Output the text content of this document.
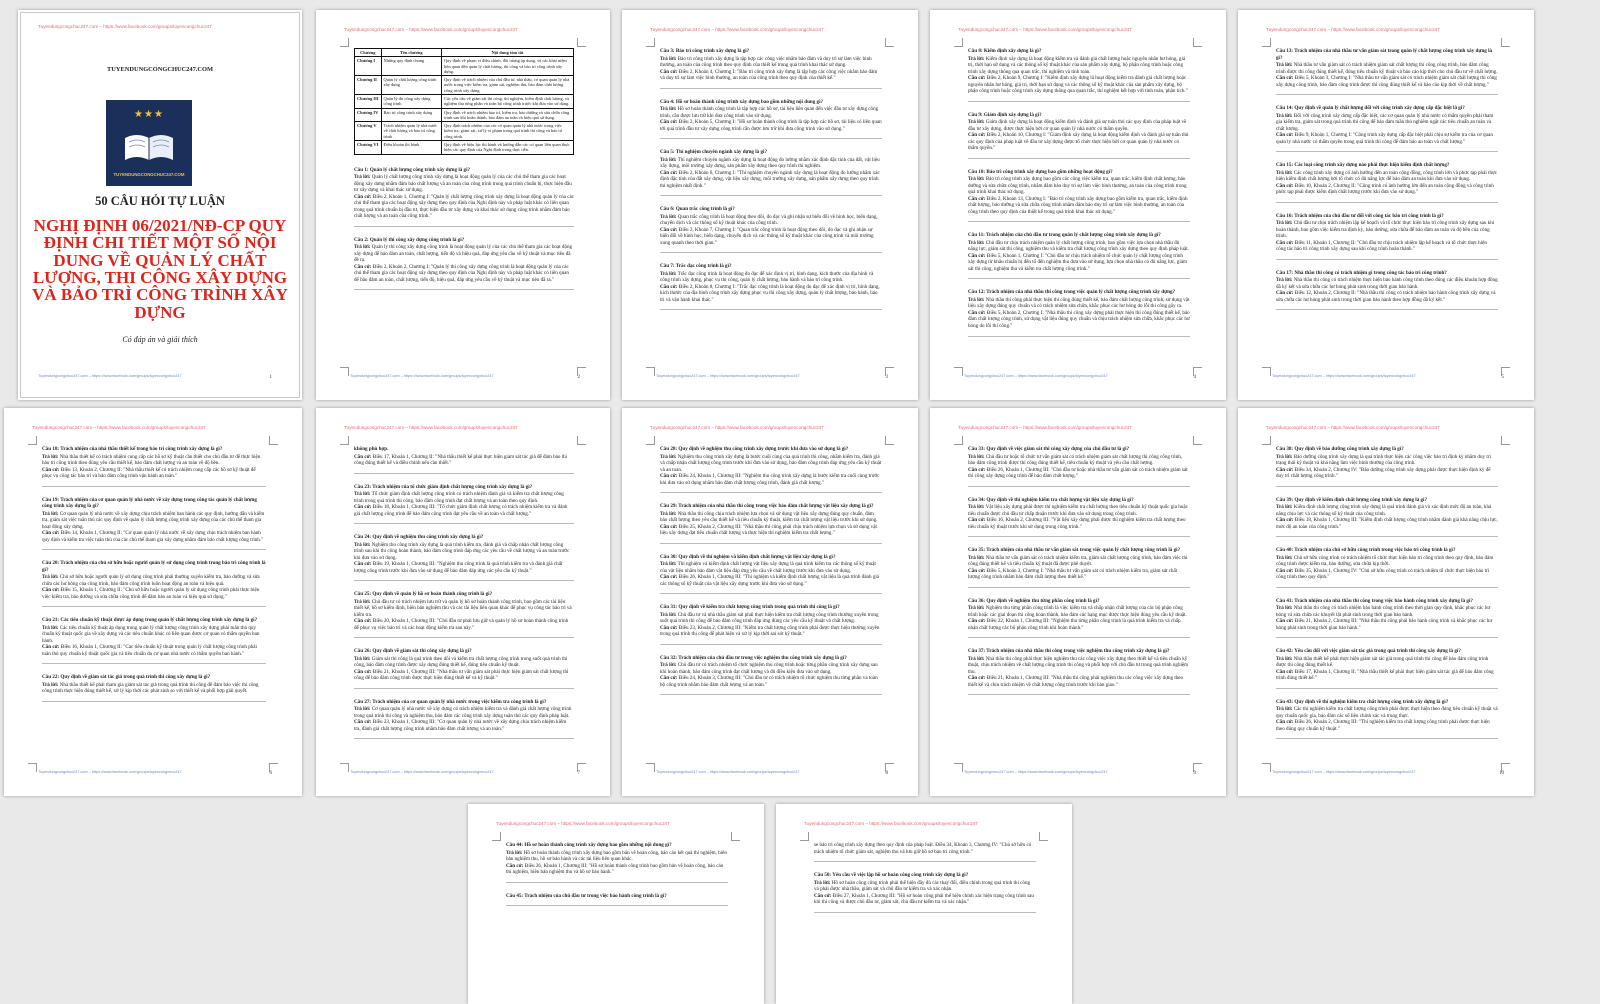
Tuyendungcongchuc247.com – https://www.facebook.com/groups/tuyencongchuc247
TUYENDUNGCONGCHUC247.COM
★★★
TUYENDUNGCONGCHUC247.COM
50 CÂU HỎI TỰ LUẬN
NGHỊ ĐỊNH 06/2021/NĐ-CP QUY ĐỊNH CHI TIẾT MỘT SỐ NỘI DUNG VỀ QUẢN LÝ CHẤT LƯỢNG, THI CÔNG XÂY DỰNG VÀ BẢO TRÌ CÔNG TRÌNH XÂY DỰNG
Có đáp án và giải thích
Tuyendungcongchuc247.com – https://www.facebook.com/groups/tuyencongchuc247	1
Tuyendungcongchuc247.com – https://www.facebook.com/groups/tuyencongchuc247
Chương	Tên chương	Nội dung tóm tắt
Chương I	Những quy định chung	Quy định về phạm vi điều chỉnh, đối tượng áp dụng, và các khái niệm liên quan đến quản lý chất lượng, thi công và bảo trì công trình xây dựng.
Chương II	Quản lý chất lượng công trình xây dựng	Quy định về trách nhiệm của chủ đầu tư, nhà thầu, cơ quan quản lý nhà nước trong việc kiểm tra, giám sát, nghiệm thu, bảo đảm chất lượng công trình xây dựng.
Chương III	Quản lý thi công xây dựng công trình	Các yêu cầu về giám sát thi công, thí nghiệm, kiểm định chất lượng, và nghiệm thu từng phần và toàn bộ công trình trước khi đưa vào sử dụng.
Chương IV	Bảo trì công trình xây dựng	Quy định về trách nhiệm bảo trì, kiểm tra, bảo dưỡng và sửa chữa công trình sau khi hoàn thành, bảo đảm an toàn và hiệu quả sử dụng.
Chương V	Trách nhiệm quản lý nhà nước về chất lượng và bảo trì công trình	Quy định trách nhiệm của các cơ quan quản lý nhà nước trong việc kiểm tra, giám sát, xử lý vi phạm trong quá trình thi công và bảo trì công trình.
Chương VI	Điều khoản thi hành	Quy định về hiệu lực thi hành và hướng dẫn các cơ quan liên quan thực hiện các quy định của Nghị định trong thực tiễn.
Câu 1: Quản lý chất lượng công trình xây dựng là gì?
Trả lời: Quản lý chất lượng công trình xây dựng là hoạt động quản lý của các chủ thể tham gia các hoạt động xây dựng nhằm đảm bảo chất lượng và an toàn của công trình trong quá trình chuẩn bị, thực hiện đầu tư xây dựng và khai thác sử dụng.
Căn cứ: Điều 2, Khoản 1, Chương I: "Quản lý chất lượng công trình xây dựng là hoạt động quản lý của các chủ thể tham gia các hoạt động xây dựng theo quy định của Nghị định này và pháp luật khác có liên quan trong quá trình chuẩn bị đầu tư, thực hiện đầu tư xây dựng và khai thác sử dụng công trình nhằm đảm bảo chất lượng và an toàn của công trình."
Câu 2: Quản lý thi công xây dựng công trình là gì?
Trả lời: Quản lý thi công xây dựng công trình là hoạt động quản lý của các chủ thể tham gia các hoạt động xây dựng để bảo đảm an toàn, chất lượng, tiến độ và hiệu quả, đáp ứng yêu cầu về kỹ thuật và mục tiêu đã đề ra.
Căn cứ: Điều 2, Khoản 2, Chương I: "Quản lý thi công xây dựng công trình là hoạt động quản lý của các chủ thể tham gia các hoạt động xây dựng theo quy định của Nghị định này và pháp luật khác có liên quan để bảo đảm an toàn, chất lượng, tiến độ, hiệu quả, đáp ứng yêu cầu về kỹ thuật và mục tiêu đã ra."
Tuyendungcongchuc247.com – https://www.facebook.com/groups/tuyencongchuc247	2
Tuyendungcongchuc247.com – https://www.facebook.com/groups/tuyencongchuc247
Câu 3: Bảo trì công trình xây dựng là gì?
Trả lời: Bảo trì công trình xây dựng là tập hợp các công việc nhằm bảo đảm và duy trì sự làm việc bình thường, an toàn của công trình theo quy định của thiết kế trong quá trình khai thác sử dụng.
Căn cứ: Điều 2, Khoản 4, Chương I: "Bảo trì công trình xây dựng là tập hợp các công việc nhằm bảo đảm và duy trì sự làm việc bình thường, an toàn của công trình theo quy định của thiết kế."
Câu 4: Hồ sơ hoàn thành công trình xây dựng bao gồm những nội dung gì?
Trả lời: Hồ sơ hoàn thành công trình là tập hợp các hồ sơ, tài liệu liên quan đến việc đầu tư xây dựng công trình, cần được lưu trữ khi đưa công trình vào sử dụng.
Căn cứ: Điều 2, Khoản 5, Chương I: "Hồ sơ hoàn thành công trình là tập hợp các hồ sơ, tài liệu có liên quan tới quá trình đầu tư xây dựng công trình cần được lưu trữ khi đưa công trình vào sử dụng."
Câu 5: Thí nghiệm chuyên ngành xây dựng là gì?
Trả lời: Thí nghiệm chuyên ngành xây dựng là hoạt động đo lường nhằm xác định đặc tính của đất, vật liệu xây dựng, môi trường xây dựng, sản phẩm xây dựng theo quy trình thí nghiệm.
Căn cứ: Điều 2, Khoản 6, Chương I: "Thí nghiệm chuyên ngành xây dựng là hoạt động đo lường nhằm xác định đặc tính của đất xây dựng, vật liệu xây dựng, môi trường xây dựng, sản phẩm xây dựng theo quy trình thí nghiệm nhất định."
Câu 6: Quan trắc công trình là gì?
Trả lời: Quan trắc công trình là hoạt động theo dõi, đo đạc và ghi nhận sự biến đổi về hình học, biến dạng, chuyển dịch và các thông số kỹ thuật khác của công trình.
Căn cứ: Điều 2, Khoản 7, Chương I: "Quan trắc công trình là hoạt động theo dõi, đo đạc và ghi nhận sự biến đổi về hình học, biến dạng, chuyển dịch và các thông số kỹ thuật khác của công trình và môi trường xung quanh theo thời gian."
Câu 7: Trắc đạc công trình là gì?
Trả lời: Trắc đạc công trình là hoạt động đo đạc để xác định vị trí, hình dạng, kích thước của địa hình và công trình xây dựng, phục vụ thi công, quản lý chất lượng, bảo hành và bảo trì công trình.
Căn cứ: Điều 2, Khoản 8, Chương I: "Trắc đạc công trình là hoạt động đo đạc để xác định vị trí, hình dạng, kích thước của địa hình công trình xây dựng phục vụ thi công xây dựng, quản lý chất lượng, bảo hành, bảo trì và vận hành khai thác."
Tuyendungcongchuc247.com – https://www.facebook.com/groups/tuyencongchuc247	3
Tuyendungcongchuc247.com – https://www.facebook.com/groups/tuyencongchuc247
Câu 8: Kiểm định xây dựng là gì?
Trả lời: Kiểm định xây dựng là hoạt động kiểm tra và đánh giá chất lượng hoặc nguyên nhân hư hỏng, giá trị, thời hạn sử dụng và các thông số kỹ thuật khác của sản phẩm xây dựng, bộ phận công trình hoặc công trình xây dựng thông qua quan trắc, thí nghiệm và tính toán.
Căn cứ: Điều 2, Khoản 9, Chương I: "Kiểm định xây dựng là hoạt động kiểm tra đánh giá chất lượng hoặc nguyên nhân hư hỏng, giá trị, thời hạn sử dụng và các thông số kỹ thuật khác của sản phẩm xây dựng, bộ phận công trình hoặc công trình xây dựng thông qua quan trắc, thí nghiệm kết hợp với tính toán, phân tích."
Câu 9: Giám định xây dựng là gì?
Trả lời: Giám định xây dựng là hoạt động kiểm định và đánh giá sự tuân thủ các quy định của pháp luật về đầu tư xây dựng, được thực hiện bởi cơ quan quản lý nhà nước có thẩm quyền.
Căn cứ: Điều 2, Khoản 10, Chương I: "Giám định xây dựng là hoạt động kiểm định và đánh giá sự tuân thủ các quy định của pháp luật về đầu tư xây dựng được tổ chức thực hiện bởi cơ quan quản lý nhà nước có thẩm quyền."
Câu 10: Bảo trì công trình xây dựng bao gồm những hoạt động gì?
Trả lời: Bảo trì công trình xây dựng bao gồm các công việc kiểm tra, quan trắc, kiểm định chất lượng, bảo dưỡng và sửa chữa công trình, nhằm đảm bảo duy trì sự làm việc bình thường, an toàn của công trình trong quá trình khai thác sử dụng.
Căn cứ: Điều 2, Khoản 13, Chương I: "Bảo trì công trình xây dựng bao gồm kiểm tra, quan trắc, kiểm định chất lượng, bảo dưỡng và sửa chữa công trình nhằm đảm bảo duy trì sự làm việc bình thường, an toàn của công trình theo quy định của thiết kế trong quá trình khai thác sử dụng."
Câu 11: Trách nhiệm của chủ đầu tư trong quản lý chất lượng công trình xây dựng là gì?
Trả lời: Chủ đầu tư chịu trách nhiệm quản lý chất lượng công trình, bao gồm việc lựa chọn nhà thầu đủ năng lực, giám sát thi công, nghiệm thu và kiểm tra chất lượng công trình xây dựng theo quy định pháp luật.
Căn cứ: Điều 5, Khoản 1, Chương I: "Chủ đầu tư chịu trách nhiệm tổ chức quản lý chất lượng công trình xây dựng từ khâu chuẩn bị đến tổ đến nghiệm thu đưa vào sử dụng, lựa chọn nhà thầu có đủ năng lực, giám sát thi công, nghiệm thu và kiểm tra chất lượng công trình."
Câu 12: Trách nhiệm của nhà thầu thi công trong việc quản lý chất lượng công trình xây dựng?
Trả lời: Nhà thầu thi công phải thực hiện thi công đúng thiết kế, bảo đảm chất lượng công trình, sử dụng vật liệu xây dựng đúng quy chuẩn và có trách nhiệm sửa chữa, khắc phục các hư hỏng do lỗi thi công gây ra.
Căn cứ: Điều 5, Khoản 2, Chương I: "Nhà thầu thi công xây dựng phải thực hiện thi công đúng thiết kế, bảo đảm chất lượng công trình, sử dụng vật liệu đúng quy chuẩn và chịu trách nhiệm sửa chữa, khắc phục các hư hỏng do lỗi thi công."
Tuyendungcongchuc247.com – https://www.facebook.com/groups/tuyencongchuc247	4
Tuyendungcongchuc247.com – https://www.facebook.com/groups/tuyencongchuc247
Câu 13: Trách nhiệm của nhà thầu tư vấn giám sát trong quản lý chất lượng công trình xây dựng là gì?
Trả lời: Nhà thầu tư vấn giám sát có trách nhiệm giám sát chất lượng thi công công trình, bảo đảm công trình được thi công đúng thiết kế, đúng tiêu chuẩn kỹ thuật và báo cáo kịp thời cho chủ đầu tư về chất lượng.
Căn cứ: Điều 5, Khoản 3, Chương I: "Nhà thầu tư vấn giám sát có trách nhiệm giám sát chất lượng thi công xây dựng công trình, bảo đảm công trình được thi công đúng thiết kế và báo cáo kịp thời về chất lượng."
Câu 14: Quy định về quản lý chất lượng đối với công trình xây dựng cấp đặc biệt là gì?
Trả lời: Đối với công trình xây dựng cấp đặc biệt, các cơ quan quản lý nhà nước có thẩm quyền phải tham gia kiểm tra, giám sát trong quá trình thi công để bảo đảm tuân thủ nghiêm ngặt các tiêu chuẩn an toàn và chất lượng.
Căn cứ: Điều 9, Khoản 1, Chương I: "Công trình xây dựng cấp đặc biệt phải chịu sự kiểm tra của cơ quan quản lý nhà nước có thẩm quyền trong quá trình thi công để đảm bảo an toàn và chất lượng."
Câu 15: Các loại công trình xây dựng nào phải thực hiện kiểm định chất lượng?
Trả lời: Các công trình xây dựng có ảnh hưởng đến an toàn cộng đồng, công trình lớn và phức tạp phải thực hiện kiểm định chất lượng bởi tổ chức có đủ năng lực để bảo đảm an toàn khi đưa vào sử dụng.
Căn cứ: Điều 10, Khoản 2, Chương II: "Công trình có ảnh hưởng lớn đến an toàn cộng đồng và công trình phức tạp phải được kiểm định chất lượng trước khi đưa vào sử dụng."
Câu 16: Trách nhiệm của chủ đầu tư đối với công tác bảo trì công trình là gì?
Trả lời: Chủ đầu tư chịu trách nhiệm lập kế hoạch và tổ chức thực hiện bảo trì công trình xây dựng sau khi hoàn thành, bao gồm việc kiểm tra định kỳ, bảo dưỡng, sửa chữa để bảo đảm an toàn và độ bền của công trình.
Căn cứ: Điều 11, Khoản 1, Chương II: "Chủ đầu tư chịu trách nhiệm lập kế hoạch và tổ chức thực hiện công tác bảo trì công trình xây dựng sau khi công trình hoàn thành."
Câu 17: Nhà thầu thi công có trách nhiệm gì trong công tác bảo trì công trình?
Trả lời: Nhà thầu thi công có trách nhiệm thực hiện bảo hành công trình theo đúng các điều khoản hợp đồng đã ký kết và sửa chữa các hư hỏng phát sinh trong thời gian bảo hành.
Căn cứ: Điều 12, Khoản 2, Chương II: "Nhà thầu thi công có trách nhiệm bảo hành công trình xây dựng và sửa chữa các hư hỏng phát sinh trong thời gian bảo hành theo hợp đồng đã ký kết."
Tuyendungcongchuc247.com – https://www.facebook.com/groups/tuyencongchuc247	5
Tuyendungcongchuc247.com – https://www.facebook.com/groups/tuyencongchuc247
Câu 18: Trách nhiệm của nhà thầu thiết kế trong bảo trì công trình xây dựng là gì?
Trả lời: Nhà thầu thiết kế có trách nhiệm cung cấp các hồ sơ kỹ thuật cần thiết cho chủ đầu tư để thực hiện bảo trì công trình theo đúng yêu cầu thiết kế, bảo đảm chất lượng và an toàn về độ bền.
Căn cứ: Điều 13, Khoản 2, Chương II: "Nhà thầu thiết kế có trách nhiệm cung cấp các hồ sơ kỹ thuật để phục vụ công tác bảo trì và bảo đảm công trình vận hành an toàn."
Câu 19: Trách nhiệm của cơ quan quản lý nhà nước về xây dựng trong công tác quản lý chất lượng công trình xây dựng là gì?
Trả lời: Cơ quan quản lý nhà nước về xây dựng chịu trách nhiệm ban hành các quy định, hướng dẫn và kiểm tra, giám sát việc tuân thủ các quy định về quản lý chất lượng công trình xây dựng của các chủ thể tham gia hoạt động xây dựng.
Căn cứ: Điều 14, Khoản 1, Chương II: "Cơ quan quản lý nhà nước về xây dựng chịu trách nhiệm ban hành quy định và kiểm tra việc tuân thủ của các chủ thể tham gia xây dựng nhằm đảm bảo chất lượng công trình."
Câu 20: Trách nhiệm của chủ sở hữu hoặc người quản lý sử dụng công trình trong bảo trì công trình là gì?
Trả lời: Chủ sở hữu hoặc người quản lý sử dụng công trình phải thường xuyên kiểm tra, bảo dưỡng và sửa chữa các hư hỏng của công trình, bảo đảm công trình luôn hoạt động an toàn và hiệu quả.
Căn cứ: Điều 15, Khoản 1, Chương II: "Chủ sở hữu hoặc người quản lý sử dụng công trình phải thực hiện việc kiểm tra, bảo dưỡng và sửa chữa công trình để đảm bảo an toàn và hiệu quả sử dụng."
Câu 21: Các tiêu chuẩn kỹ thuật được áp dụng trong quản lý chất lượng công trình xây dựng là gì?
Trả lời: Các tiêu chuẩn kỹ thuật áp dụng trong quản lý chất lượng công trình xây dựng phải tuân thủ quy chuẩn kỹ thuật quốc gia về xây dựng và các tiêu chuẩn khác có liên quan được cơ quan có thẩm quyền ban hành.
Căn cứ: Điều 16, Khoản 1, Chương II: "Các tiêu chuẩn kỹ thuật trong quản lý chất lượng công trình phải tuân thủ quy chuẩn kỹ thuật quốc gia và tiêu chuẩn do cơ quan nhà nước có thẩm quyền ban hành."
Câu 22: Quy định về giám sát tác giả trong quá trình thi công xây dựng là gì?
Trả lời: Nhà thầu thiết kế phải tham gia giám sát tác giả trong quá trình thi công để đảm bảo việc thi công công trình thực hiện đúng thiết kế, xử lý kịp thời các phát sinh so với thiết kế và phối hợp giải quyết.
Tuyendungcongchuc247.com – https://www.facebook.com/groups/tuyencongchuc247	6
Tuyendungcongchuc247.com – https://www.facebook.com/groups/tuyencongchuc247
không phù hợp.
Căn cứ: Điều 17, Khoản 1, Chương II: "Nhà thầu thiết kế phải thực hiện giám sát tác giả để đảm bảo thi công đúng thiết kế và điều chỉnh nếu cần thiết."
Câu 23: Trách nhiệm của tổ chức giám định chất lượng công trình xây dựng là gì?
Trả lời: Tổ chức giám định chất lượng công trình có trách nhiệm đánh giá và kiểm tra chất lượng công trình trong quá trình thi công, bảo đảm công trình đạt chất lượng và an toàn theo quy định.
Căn cứ: Điều 18, Khoản 1, Chương III: "Tổ chức giám định chất lượng có trách nhiệm kiểm tra và đánh giá chất lượng công trình để bảo đảm công trình đạt yêu cầu về an toàn và chất lượng."
Câu 24: Quy định về nghiệm thu công trình xây dựng là gì?
Trả lời: Nghiệm thu công trình xây dựng là quá trình kiểm tra, đánh giá và chấp nhận chất lượng công trình sau khi thi công hoàn thành, bảo đảm công trình đáp ứng các yêu cầu về chất lượng và an toàn trước khi đưa vào sử dụng.
Căn cứ: Điều 19, Khoản 1, Chương III: "Nghiệm thu công trình là quá trình kiểm tra và đánh giá chất lượng công trình trước khi đưa vào sử dụng để bảo đảm đáp ứng các yêu cầu kỹ thuật."
Câu 25: Quy định về quản lý hồ sơ hoàn thành công trình là gì?
Trả lời: Chủ đầu tư có trách nhiệm lưu trữ và quản lý hồ sơ hoàn thành công trình, bao gồm các tài liệu thiết kế, hồ sơ kiểm định, biên bản nghiệm thu và các tài liệu liên quan khác để phục vụ công tác bảo trì và kiểm tra.
Căn cứ: Điều 20, Khoản 1, Chương III: "Chủ đầu tư phải lưu giữ và quản lý hồ sơ hoàn thành công trình để phục vụ việc bảo trì và các hoạt động kiểm tra sau này."
Câu 26: Quy định về giám sát thi công xây dựng là gì?
Trả lời: Giám sát thi công là quá trình theo dõi và kiểm tra chất lượng công trình trong suốt quá trình thi công, bảo đảm công trình được xây dựng đúng thiết kế, đúng tiêu chuẩn kỹ thuật.
Căn cứ: Điều 21, Khoản 1, Chương III: "Nhà thầu tư vấn giám sát phải thực hiện giám sát chất lượng thi công để bảo đảm công trình được thực hiện đúng thiết kế và kỹ thuật."
Câu 27: Trách nhiệm của cơ quan quản lý nhà nước trong việc kiểm tra công trình là gì?
Trả lời: Cơ quan quản lý nhà nước về xây dựng có trách nhiệm kiểm tra và đánh giá chất lượng công trình trong quá trình thi công và nghiệm thu, bảo đảm các công trình xây dựng tuân thủ các quy định pháp luật.
Căn cứ: Điều 23, Khoản 1, Chương III: "Cơ quan quản lý nhà nước về xây dựng chịu trách nhiệm kiểm tra, đánh giá chất lượng công trình nhằm bảo đảm chất lượng và an toàn."
Tuyendungcongchuc247.com – https://www.facebook.com/groups/tuyencongchuc247	7
Tuyendungcongchuc247.com – https://www.facebook.com/groups/tuyencongchuc247
Câu 28: Quy định về nghiệm thu công trình xây dựng trước khi đưa vào sử dụng là gì?
Trả lời: Nghiệm thu công trình xây dựng là bước cuối cùng của quá trình thi công, nhằm kiểm tra, đánh giá và chấp nhận chất lượng công trình trước khi đưa vào sử dụng, bảo đảm công trình đáp ứng yêu cầu kỹ thuật và an toàn.
Căn cứ: Điều 24, Khoản 1, Chương III: "Nghiệm thu công trình xây dựng là bước kiểm tra cuối cùng trước khi đưa vào sử dụng nhằm bảo đảm chất lượng công trình, đánh giá chất lượng."
Câu 29: Trách nhiệm của nhà thầu thi công trong việc bảo đảm chất lượng vật liệu xây dựng là gì?
Trả lời: Nhà thầu thi công chịu trách nhiệm lựa chọn và sử dụng vật liệu xây dựng đúng quy chuẩn, đảm bảo chất lượng theo yêu cầu thiết kế và tiêu chuẩn kỹ thuật, kiểm tra chất lượng vật liệu trước khi sử dụng.
Căn cứ: Điều 25, Khoản 2, Chương III: "Nhà thầu thi công phải chịu trách nhiệm lựa chọn và sử dụng vật liệu xây dựng đạt tiêu chuẩn chất lượng và thực hiện thí nghiệm kiểm tra chất lượng."
Câu 30: Quy định về thí nghiệm và kiểm định chất lượng vật liệu xây dựng là gì?
Trả lời: Thí nghiệm và kiểm định chất lượng vật liệu xây dựng là quá trình kiểm tra các thông số kỹ thuật của vật liệu nhằm bảo đảm vật liệu đáp ứng yêu cầu về chất lượng trước khi đưa vào sử dụng.
Căn cứ: Điều 26, Khoản 1, Chương III: "Thí nghiệm và kiểm định chất lượng vật liệu là quá trình đánh giá các thông số kỹ thuật của vật liệu xây dựng trước khi đưa vào sử dụng."
Câu 31: Quy định về kiểm tra chất lượng công trình trong quá trình thi công là gì?
Trả lời: Chủ đầu tư và nhà thầu giám sát phải thực hiện kiểm tra chất lượng công trình thường xuyên trong suốt quá trình thi công để bảo đảm công trình đáp ứng đúng các yêu cầu kỹ thuật và chất lượng.
Căn cứ: Điều 23, Khoản 2, Chương III: "Kiểm tra chất lượng công trình phải được thực hiện thường xuyên trong quá trình thi công để phát hiện và xử lý kịp thời sai sót kỹ thuật."
Câu 32: Trách nhiệm của chủ đầu tư trong việc nghiệm thu công trình xây dựng là gì?
Trả lời: Chủ đầu tư có trách nhiệm tổ chức nghiệm thu công trình hoặc từng phần công trình xây dựng sau khi hoàn thành, bảo đảm công trình đạt chất lượng và đủ điều kiện đưa vào sử dụng.
Căn cứ: Điều 24, Khoản 3, Chương III: "Chủ đầu tư có trách nhiệm tổ chức nghiệm thu từng phần và toàn bộ công trình nhằm bảo đảm chất lượng và an toàn."
Tuyendungcongchuc247.com – https://www.facebook.com/groups/tuyencongchuc247	8
Tuyendungcongchuc247.com – https://www.facebook.com/groups/tuyencongchuc247
Câu 33: Quy định về việc giám sát thi công xây dựng của chủ đầu tư là gì?
Trả lời: Chủ đầu tư hoặc tổ chức tư vấn giám sát có trách nhiệm giám sát chất lượng thi công công trình, bảo đảm công trình được thi công đúng thiết kế, tiêu chuẩn kỹ thuật và yêu cầu chất lượng.
Căn cứ: Điều 26, Khoản 1, Chương III: "Chủ đầu tư hoặc nhà thầu tư vấn giám sát có trách nhiệm giám sát thi công xây dựng công trình để bảo đảm chất lượng."
Câu 34: Quy định về thí nghiệm kiểm tra chất lượng vật liệu xây dựng là gì?
Trả lời: Vật liệu xây dựng phải được thí nghiệm kiểm tra chất lượng theo tiêu chuẩn kỹ thuật quốc gia hoặc tiêu chuẩn được chủ đầu tư chấp thuận trước khi đưa vào sử dụng trong công trình.
Căn cứ: Điều 16, Khoản 2, Chương III: "Vật liệu xây dựng phải được thí nghiệm kiểm tra chất lượng theo tiêu chuẩn kỹ thuật trước khi sử dụng trong công trình."
Câu 35: Trách nhiệm của nhà thầu tư vấn giám sát trong việc quản lý chất lượng công trình là gì?
Trả lời: Nhà thầu tư vấn giám sát có trách nhiệm kiểm tra, giám sát chất lượng công trình, bảo đảm việc thi công đúng thiết kế và tiêu chuẩn kỹ thuật đã được phê duyệt.
Căn cứ: Điều 5, Khoản 3, Chương I: "Nhà thầu tư vấn giám sát có trách nhiệm kiểm tra, giám sát chất lượng công trình nhằm bảo đảm chất lượng theo thiết kế."
Câu 36: Quy định về nghiệm thu từng phần công trình là gì?
Trả lời: Nghiệm thu từng phần công trình là việc kiểm tra và chấp nhận chất lượng của các bộ phận công trình hoặc các giai đoạn thi công hoàn thành, bảo đảm các hạng mục được thực hiện đúng yêu cầu kỹ thuật.
Căn cứ: Điều 22, Khoản 1, Chương III: "Nghiệm thu từng phần công trình là quá trình kiểm tra và chấp nhận chất lượng các bộ phận công trình khi hoàn thành."
Câu 37: Trách nhiệm của nhà thầu thi công trong việc nghiệm thu công trình xây dựng là gì?
Trả lời: Nhà thầu thi công phải thực hiện nghiệm thu các công việc xây dựng theo thiết kế và tiêu chuẩn kỹ thuật, chịu trách nhiệm về chất lượng công trình thi công và phối hợp với chủ đầu tư trong quá trình nghiệm thu.
Căn cứ: Điều 21, Khoản 1, Chương III: "Nhà thầu thi công phải nghiệm thu các công việc xây dựng theo thiết kế và chịu trách nhiệm về chất lượng công trình trước khi bàn giao."
Tuyendungcongchuc247.com – https://www.facebook.com/groups/tuyencongchuc247	9
Tuyendungcongchuc247.com – https://www.facebook.com/groups/tuyencongchuc247
Câu 38: Quy định về bảo dưỡng công trình xây dựng là gì?
Trả lời: Bảo dưỡng công trình xây dựng là quá trình thực hiện các công việc bảo trì định kỳ nhằm duy trì trạng thái kỹ thuật và khả năng làm việc bình thường của công trình.
Căn cứ: Điều 34, Khoản 2, Chương IV: "Bảo dưỡng công trình xây dựng phải được thực hiện định kỳ để duy trì chất lượng công trình."
Câu 39: Quy định về kiểm định chất lượng công trình xây dựng là gì?
Trả lời: Kiểm định chất lượng công trình xây dựng là quá trình đánh giá và xác định mức độ an toàn, khả năng chịu lực và các thông số kỹ thuật của công trình.
Căn cứ: Điều 18, Khoản 1, Chương III: "Kiểm định chất lượng công trình nhằm đánh giá khả năng chịu lực, mức độ an toàn của công trình."
Câu 40: Trách nhiệm của chủ sở hữu công trình trong việc bảo trì công trình là gì?
Trả lời: Chủ sở hữu công trình có trách nhiệm tổ chức thực hiện bảo trì công trình theo quy định, bảo đảm công trình được kiểm tra, bảo dưỡng, sửa chữa kịp thời.
Căn cứ: Điều 35, Khoản 1, Chương IV: "Chủ sở hữu công trình có trách nhiệm tổ chức thực hiện bảo trì công trình theo quy định."
Câu 41: Trách nhiệm của nhà thầu thi công trong việc bảo hành công trình xây dựng là gì?
Trả lời: Nhà thầu thi công có trách nhiệm bảo hành công trình theo thời gian quy định, khắc phục các hư hỏng và sửa chữa các khuyết tật phát sinh trong thời gian bảo hành.
Căn cứ: Điều 21, Khoản 2, Chương III: "Nhà thầu thi công phải bảo hành công trình và khắc phục các hư hỏng phát sinh trong thời gian bảo hành."
Câu 42: Yêu cầu đối với việc giám sát tác giả trong quá trình thi công xây dựng là gì?
Trả lời: Nhà thầu thiết kế phải thực hiện giám sát tác giả trong quá trình thi công để bảo đảm công trình được thi công đúng thiết kế.
Căn cứ: Điều 17, Khoản 1, Chương II: "Nhà thầu thiết kế phải thực hiện giám sát tác giả để bảo đảm công trình đúng thiết kế."
Câu 43: Quy định về thí nghiệm kiểm tra chất lượng công trình xây dựng là gì?
Trả lời: Các thí nghiệm kiểm tra chất lượng công trình phải được thực hiện theo đúng tiêu chuẩn kỹ thuật và quy chuẩn quốc gia, bảo đảm các số liệu chính xác và trung thực.
Căn cứ: Điều 26, Khoản 2, Chương III: "Thí nghiệm kiểm tra chất lượng công trình phải được thực hiện theo đúng quy chuẩn kỹ thuật."
Tuyendungcongchuc247.com – https://www.facebook.com/groups/tuyencongchuc247	10
Tuyendungcongchuc247.com – https://www.facebook.com/groups/tuyencongchuc247
Câu 44: Hồ sơ hoàn thành công trình xây dựng bao gồm những nội dung gì?
Trả lời: Hồ sơ hoàn thành công trình xây dựng bao gồm bản vẽ hoàn công, báo cáo kết quả thí nghiệm, biên bản nghiệm thu, hồ sơ bảo hành và các tài liệu liên quan khác.
Căn cứ: Điều 26, Khoản 1, Chương III: "Hồ sơ hoàn thành công trình bao gồm bản vẽ hoàn công, báo cáo thí nghiệm, biên bản nghiệm thu và hồ sơ bảo hành."
Câu 45: Trách nhiệm của chủ đầu tư trong việc báo hành công trình là gì?
Tuyendungcongchuc247.com – https://www.facebook.com/groups/tuyencongchuc247
se bảo trì công trình xây dựng theo quy định của pháp luật. Điều 34, Khoản 3, Chương IV: "Chủ sở hữu có trách nhiệm tổ chức giám sát, nghiệm thu và lưu giữ hồ sơ bảo trì công trình."
Câu 50: Yêu cầu về việc lập hồ sơ hoàn công công trình xây dựng là gì?
Trả lời: Hồ sơ hoàn công công trình phải thể hiện đầy đủ các thay đổi, điều chỉnh trong quá trình thi công và phải được nhà thầu, giám sát và chủ đầu tư kiểm tra và xác nhận.
Căn cứ: Điều 27, Khoản 1, Chương III: "Hồ sơ hoàn công phải thể hiện chính xác hiện trạng công trình sau khi thi công và được chủ đầu tư, giám sát, chủ đầu tư kiểm tra và xác nhận."
